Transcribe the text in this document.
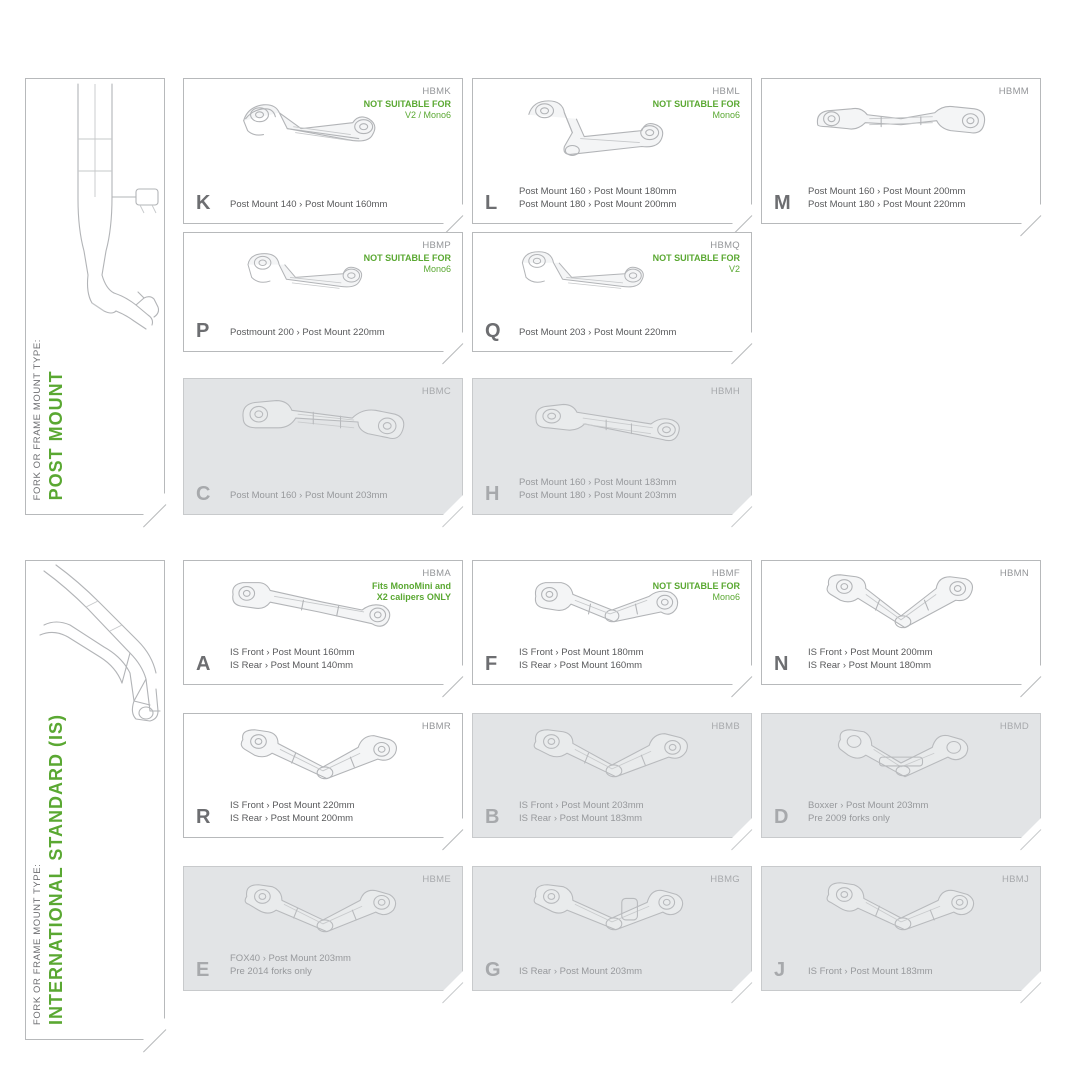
FORK OR FRAME MOUNT TYPE: POST MOUNT
HBMK
NOT SUITABLE FOR
V2 / Mono6
K Post Mount 140 › Post Mount 160mm
HBML
NOT SUITABLE FOR
Mono6
L
Post Mount 160 › Post Mount 180mm
Post Mount 180 › Post Mount 200mm
HBMM
M
Post Mount 160 › Post Mount 200mm
Post Mount 180 › Post Mount 220mm
HBMP
NOT SUITABLE FOR
Mono6
P Postmount 200 › Post Mount 220mm
HBMQ
NOT SUITABLE FOR
V2
Q Post Mount 203 › Post Mount 220mm
HBMC
C Post Mount 160 › Post Mount 203mm
HBMH
H
Post Mount 160 › Post Mount 183mm
Post Mount 180 › Post Mount 203mm
FORK OR FRAME MOUNT TYPE: INTERNATIONAL STANDARD (IS)
HBMA
Fits MonoMini and
X2 calipers ONLY
A
IS Front › Post Mount 160mm
IS Rear › Post Mount 140mm
HBMF
NOT SUITABLE FOR
Mono6
F
IS Front › Post Mount 180mm
IS Rear › Post Mount 160mm
HBMN
N
IS Front › Post Mount 200mm
IS Rear › Post Mount 180mm
HBMR
R
IS Front › Post Mount 220mm
IS Rear › Post Mount 200mm
HBMB
B
IS Front › Post Mount 203mm
IS Rear › Post Mount 183mm
HBMD
D
Boxxer › Post Mount 203mm
Pre 2009 forks only
HBME
E
FOX40 › Post Mount 203mm
Pre 2014 forks only
HBMG
G IS Rear › Post Mount 203mm
HBMJ
J IS Front › Post Mount 183mm
